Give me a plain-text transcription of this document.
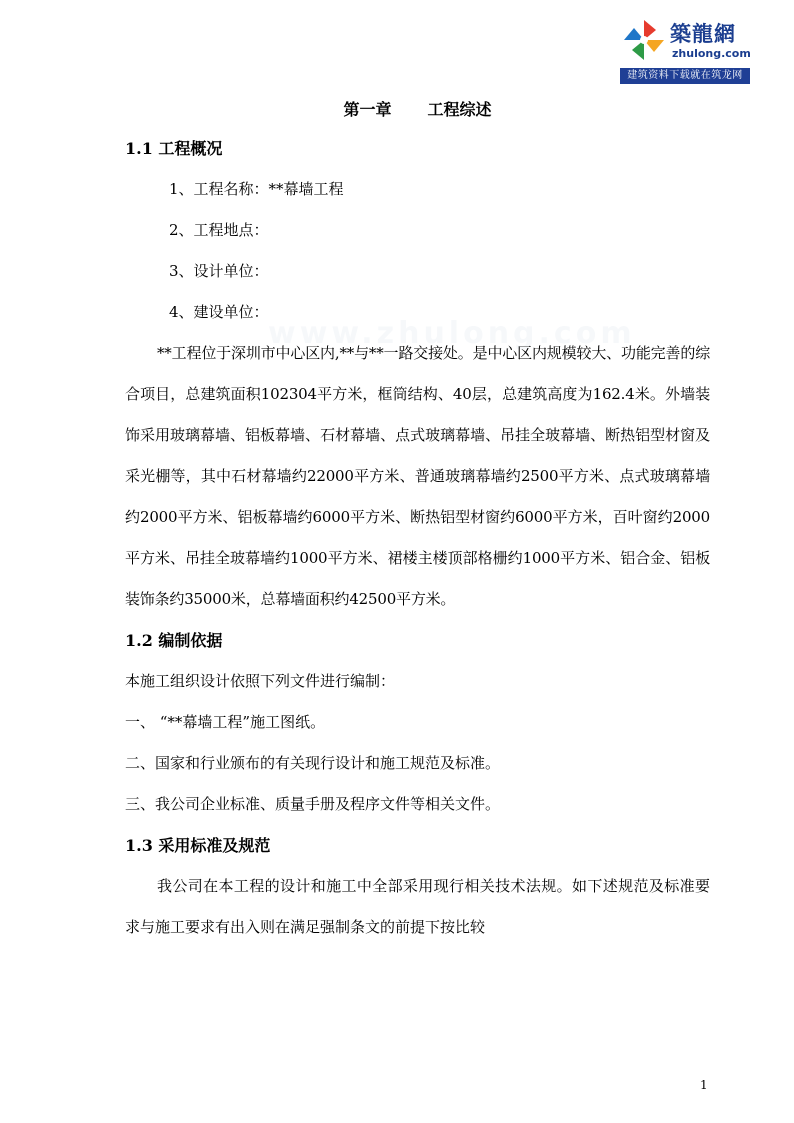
築龍網
zhulong.com
建筑资料下载就在筑龙网
www.zhulong.com
第一章 工程综述
1.1 工程概况

1、工程名称：**幕墙工程

2、工程地点：

3、设计单位：

4、建设单位：

**工程位于深圳市中心区内,**与**一路交接处。是中心区内规模较大、功能完善的综合项目，总建筑面积102304平方米，框筒结构、40层，总建筑高度为162.4米。外墙装饰采用玻璃幕墙、铝板幕墙、石材幕墙、点式玻璃幕墙、吊挂全玻幕墙、断热铝型材窗及采光棚等，其中石材幕墙约22000平方米、普通玻璃幕墙约2500平方米、点式玻璃幕墙约2000平方米、铝板幕墙约6000平方米、断热铝型材窗约6000平方米，百叶窗约2000平方米、吊挂全玻幕墙约1000平方米、裙楼主楼顶部格栅约1000平方米、铝合金、铝板装饰条约35000米，总幕墙面积约42500平方米。

1.2 编制依据

本施工组织设计依照下列文件进行编制：

一、 “**幕墙工程”施工图纸。

二、国家和行业颁布的有关现行设计和施工规范及标准。

三、我公司企业标准、质量手册及程序文件等相关文件。

1.3 采用标准及规范

我公司在本工程的设计和施工中全部采用现行相关技术法规。如下述规范及标准要求与施工要求有出入则在满足强制条文的前提下按比较

1
